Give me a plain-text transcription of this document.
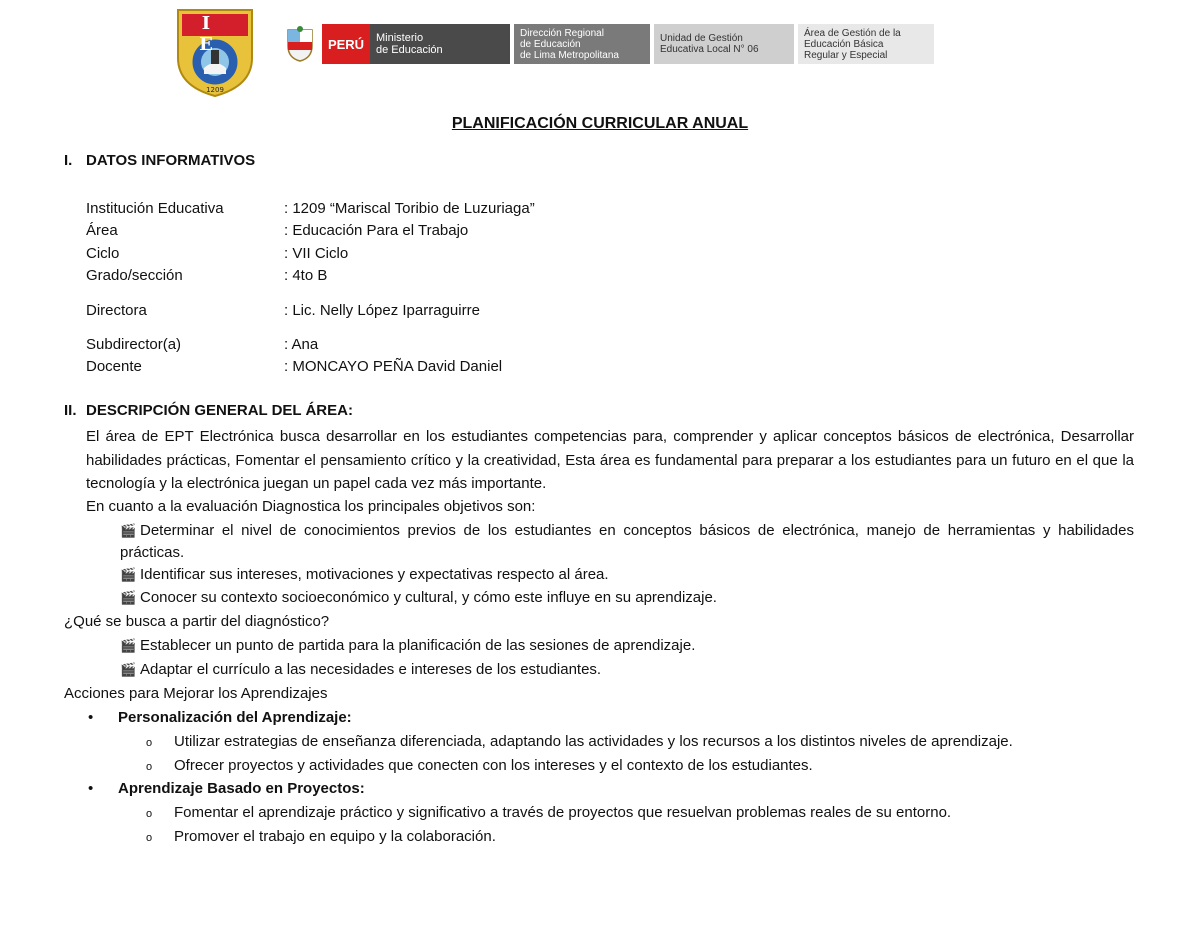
1209
I E	PERÚ	Ministerio
de Educación
Dirección Regional
de Educación
de Lima Metropolitana
Unidad de Gestión
Educativa Local N° 06
Área de Gestión de la
Educación Básica
Regular y Especial
PLANIFICACIÓN CURRICULAR ANUAL
I. DATOS INFORMATIVOS
Institución Educativa	: 1209 “Mariscal Toribio de Luzuriaga”
Área	: Educación Para el Trabajo
Ciclo	: VII Ciclo
Grado/sección	: 4to B
Directora	: Lic. Nelly López Iparraguirre
Subdirector(a)	: Ana
Docente	: MONCAYO PEÑA David Daniel
II. DESCRIPCIÓN GENERAL DEL ÁREA:
El área de EPT Electrónica busca desarrollar en los estudiantes competencias para, comprender y aplicar conceptos básicos de electrónica, Desarrollar habilidades prácticas, Fomentar el pensamiento crítico y la creatividad, Esta área es fundamental para preparar a los estudiantes para un futuro en el que la tecnología y la electrónica juegan un papel cada vez más importante.
En cuanto a la evaluación Diagnostica los principales objetivos son:
🎬 Determinar el nivel de conocimientos previos de los estudiantes en conceptos básicos de electrónica, manejo de herramientas y habilidades prácticas.
🎬 Identificar sus intereses, motivaciones y expectativas respecto al área.
🎬 Conocer su contexto socioeconómico y cultural, y cómo este influye en su aprendizaje.
¿Qué se busca a partir del diagnóstico?
🎬 Establecer un punto de partida para la planificación de las sesiones de aprendizaje.
🎬 Adaptar el currículo a las necesidades e intereses de los estudiantes.
Acciones para Mejorar los Aprendizajes
• Personalización del Aprendizaje:
o Utilizar estrategias de enseñanza diferenciada, adaptando las actividades y los recursos a los distintos niveles de aprendizaje.
o Ofrecer proyectos y actividades que conecten con los intereses y el contexto de los estudiantes.
• Aprendizaje Basado en Proyectos:
o Fomentar el aprendizaje práctico y significativo a través de proyectos que resuelvan problemas reales de su entorno.
o Promover el trabajo en equipo y la colaboración.
